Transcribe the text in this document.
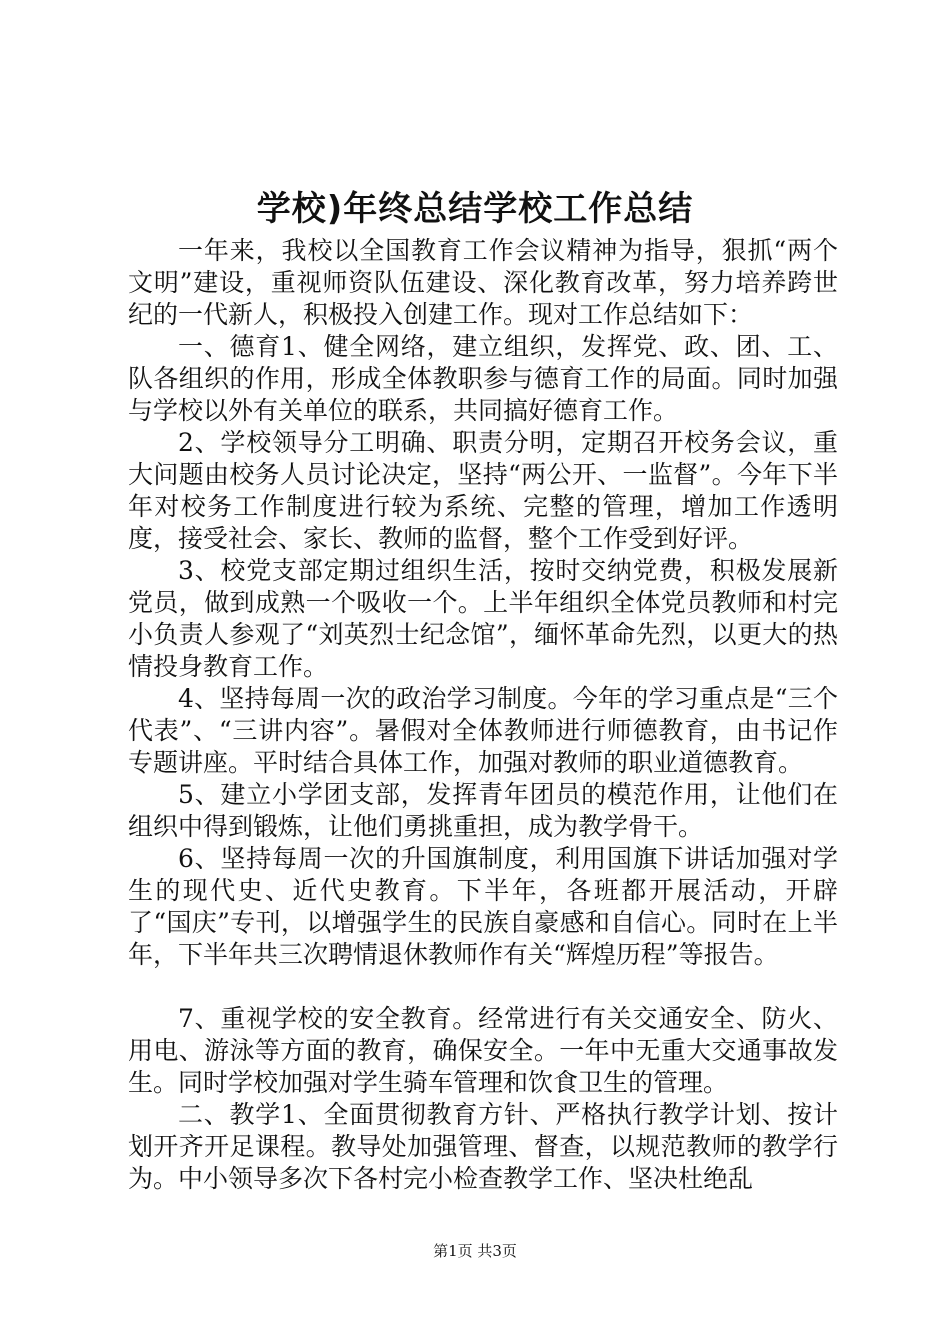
学校)年终总结学校工作总结

一年来，我校以全国教育工作会议精神为指导，狠抓“两个文明”建设，重视师资队伍建设、深化教育改革，努力培养跨世纪的一代新人，积极投入创建工作。现对工作总结如下：

一、德育1、健全网络，建立组织，发挥党、政、团、工、队各组织的作用，形成全体教职参与德育工作的局面。同时加强与学校以外有关单位的联系，共同搞好德育工作。

2、学校领导分工明确、职责分明，定期召开校务会议，重大问题由校务人员讨论决定，坚持“两公开、一监督”。今年下半年对校务工作制度进行较为系统、完整的管理，增加工作透明度，接受社会、家长、教师的监督，整个工作受到好评。

3、校党支部定期过组织生活，按时交纳党费，积极发展新党员，做到成熟一个吸收一个。上半年组织全体党员教师和村完小负责人参观了“刘英烈士纪念馆”，缅怀革命先烈，以更大的热情投身教育工作。

4、坚持每周一次的政治学习制度。今年的学习重点是“三个代表”、“三讲内容”。暑假对全体教师进行师德教育，由书记作专题讲座。平时结合具体工作，加强对教师的职业道德教育。

5、建立小学团支部，发挥青年团员的模范作用，让他们在组织中得到锻炼，让他们勇挑重担，成为教学骨干。

6、坚持每周一次的升国旗制度，利用国旗下讲话加强对学生的现代史、近代史教育。下半年，各班都开展活动，开辟了“国庆”专刊，以增强学生的民族自豪感和自信心。同时在上半年，下半年共三次聘情退休教师作有关“辉煌历程”等报告。

7、重视学校的安全教育。经常进行有关交通安全、防火、用电、游泳等方面的教育，确保安全。一年中无重大交通事故发生。同时学校加强对学生骑车管理和饮食卫生的管理。

二、教学1、全面贯彻教育方针、严格执行教学计划、按计划开齐开足课程。教导处加强管理、督查，以规范教师的教学行为。中小领导多次下各村完小检查教学工作、坚决杜绝乱

第1页 共3页
